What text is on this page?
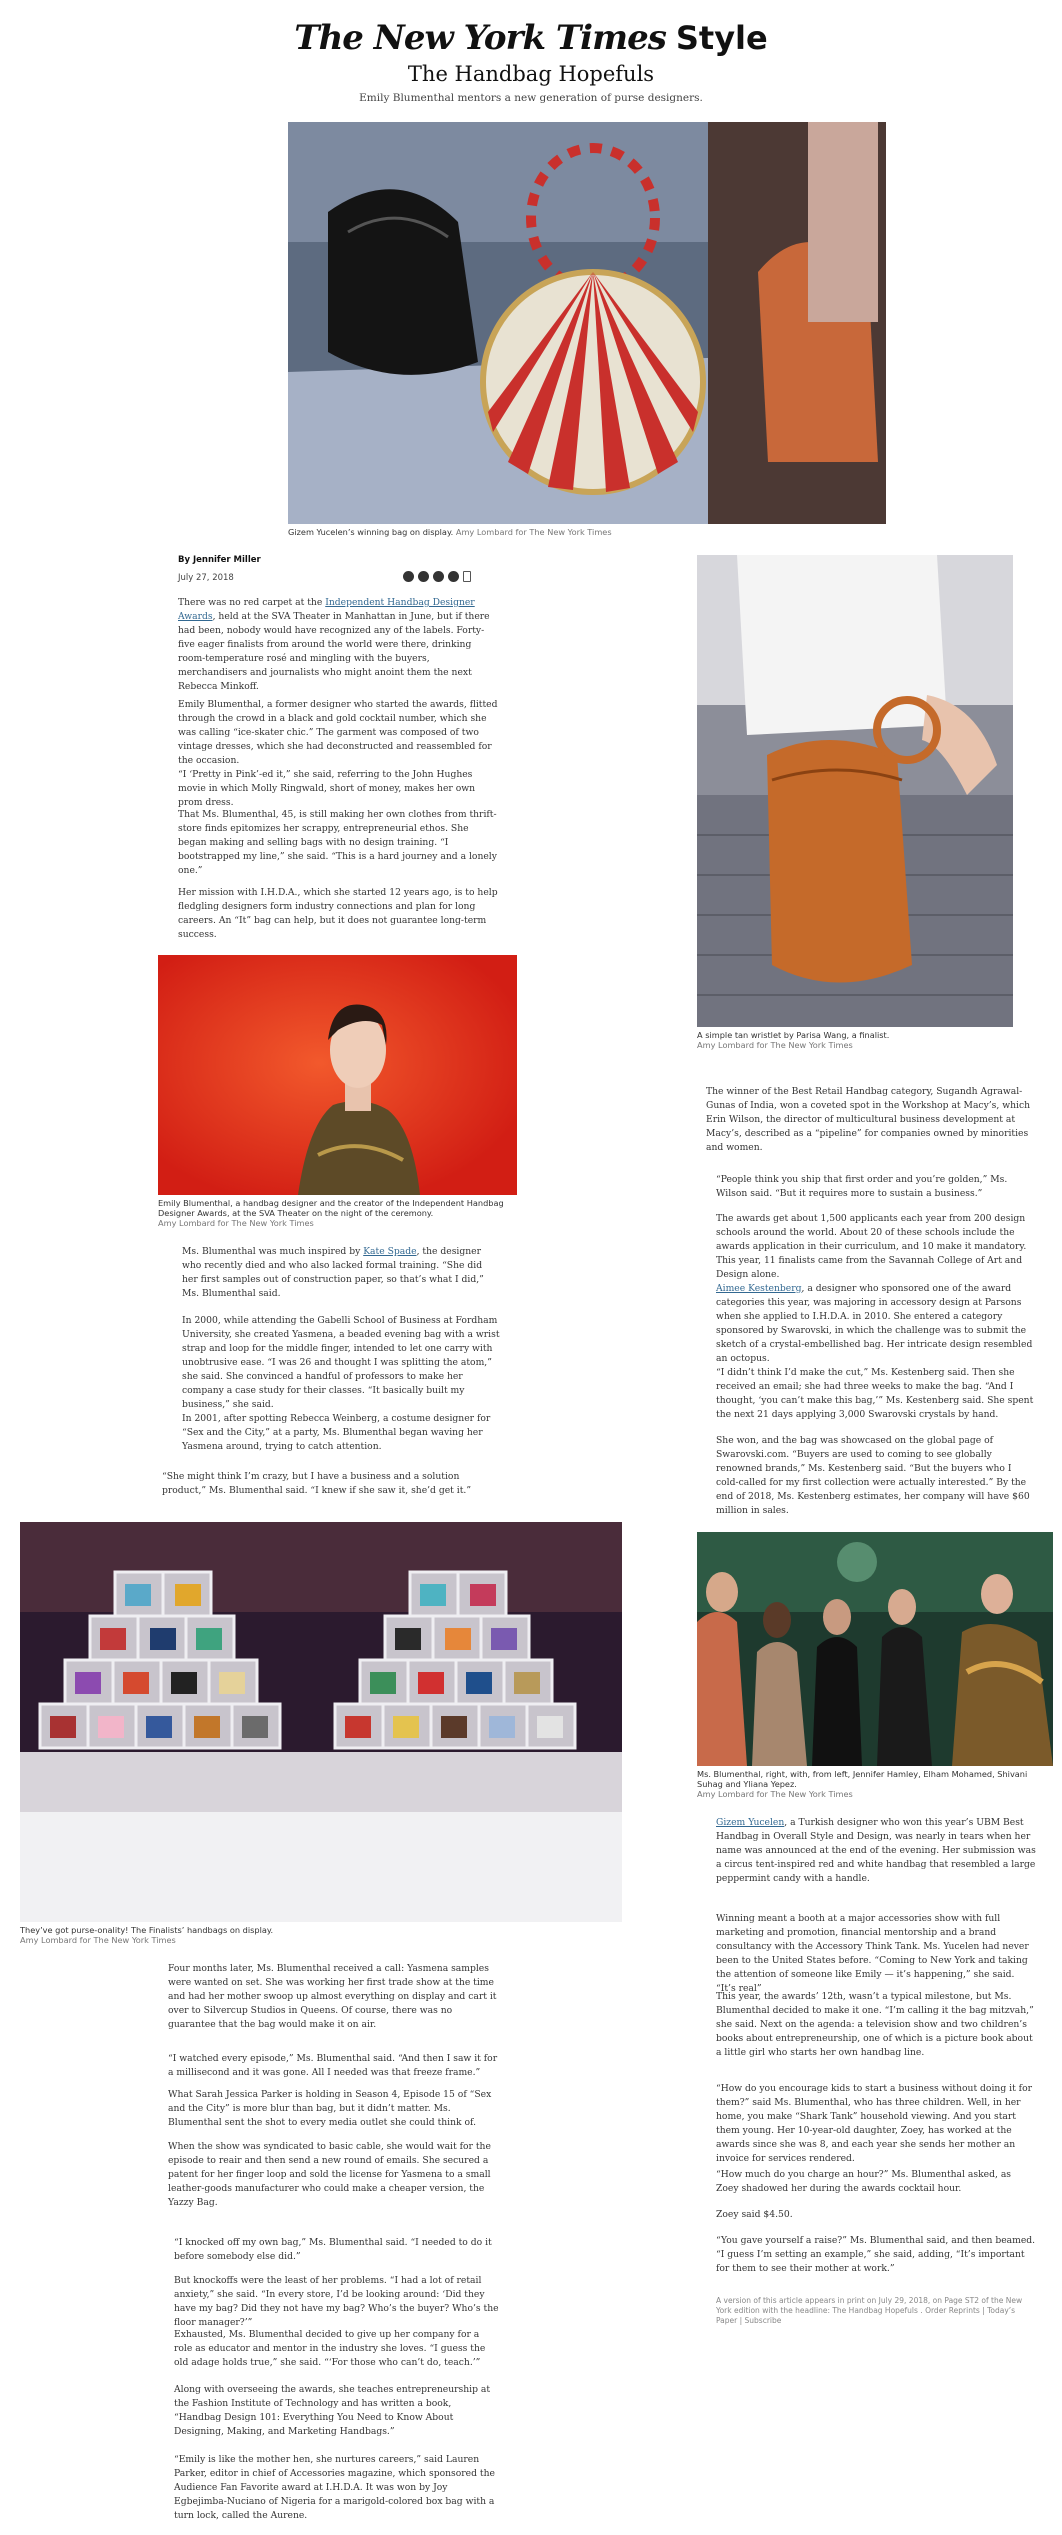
The New York Times Style
The Handbag Hopefuls
Emily Blumenthal mentors a new generation of purse designers.
Gizem Yucelen’s winning bag on display. Amy Lombard for The New York Times
By Jennifer Miller
July 27, 2018
There was no red carpet at the Independent Handbag Designer Awards, held at the SVA Theater in Manhattan in June, but if there had been, nobody would have recognized any of the labels. Forty-five eager finalists from around the world were there, drinking room-temperature rosé and mingling with the buyers, merchandisers and journalists who might anoint them the next Rebecca Minkoff.
Emily Blumenthal, a former designer who started the awards, flitted through the crowd in a black and gold cocktail number, which she was calling “ice-skater chic.” The garment was composed of two vintage dresses, which she had deconstructed and reassembled for the occasion.
“I ‘Pretty in Pink’-ed it,” she said, referring to the John Hughes movie in which Molly Ringwald, short of money, makes her own prom dress.
That Ms. Blumenthal, 45, is still making her own clothes from thrift-store finds epitomizes her scrappy, entrepreneurial ethos. She began making and selling bags with no design training. “I bootstrapped my line,” she said. “This is a hard journey and a lonely one.”
Her mission with I.H.D.A., which she started 12 years ago, is to help fledgling designers form industry connections and plan for long careers. An “It” bag can help, but it does not guarantee long-term success.
Emily Blumenthal, a handbag designer and the creator of the Independent Handbag Designer Awards, at the SVA Theater on the night of the ceremony.
Amy Lombard for The New York Times
Ms. Blumenthal was much inspired by Kate Spade, the designer who recently died and who also lacked formal training. “She did her first samples out of construction paper, so that’s what I did,” Ms. Blumenthal said.
In 2000, while attending the Gabelli School of Business at Fordham University, she created Yasmena, a beaded evening bag with a wrist strap and loop for the middle finger, intended to let one carry with unobtrusive ease. “I was 26 and thought I was splitting the atom,” she said. She convinced a handful of professors to make her company a case study for their classes. “It basically built my business,” she said.
In 2001, after spotting Rebecca Weinberg, a costume designer for “Sex and the City,” at a party, Ms. Blumenthal began waving her Yasmena around, trying to catch attention.
“She might think I’m crazy, but I have a business and a solution product,” Ms. Blumenthal said. “I knew if she saw it, she’d get it.”
They’ve got purse-onality! The Finalists’ handbags on display.
Amy Lombard for The New York Times
Four months later, Ms. Blumenthal received a call: Yasmena samples were wanted on set. She was working her first trade show at the time and had her mother swoop up almost everything on display and cart it over to Silvercup Studios in Queens. Of course, there was no guarantee that the bag would make it on air.
“I watched every episode,” Ms. Blumenthal said. “And then I saw it for a millisecond and it was gone. All I needed was that freeze frame.”
What Sarah Jessica Parker is holding in Season 4, Episode 15 of “Sex and the City” is more blur than bag, but it didn’t matter. Ms. Blumenthal sent the shot to every media outlet she could think of.
When the show was syndicated to basic cable, she would wait for the episode to reair and then send a new round of emails. She secured a patent for her finger loop and sold the license for Yasmena to a small leather-goods manufacturer who could make a cheaper version, the Yazzy Bag.
“I knocked off my own bag,” Ms. Blumenthal said. “I needed to do it before somebody else did.”
But knockoffs were the least of her problems. “I had a lot of retail anxiety,” she said. “In every store, I’d be looking around: ‘Did they have my bag? Did they not have my bag? Who’s the buyer? Who’s the floor manager?’”
Exhausted, Ms. Blumenthal decided to give up her company for a role as educator and mentor in the industry she loves. “I guess the old adage holds true,” she said. “‘For those who can’t do, teach.’”
Along with overseeing the awards, she teaches entrepreneurship at the Fashion Institute of Technology and has written a book, “Handbag Design 101: Everything You Need to Know About Designing, Making, and Marketing Handbags.”
“Emily is like the mother hen, she nurtures careers,” said Lauren Parker, editor in chief of Accessories magazine, which sponsored the Audience Fan Favorite award at I.H.D.A. It was won by Joy Egbejimba-Nuciano of Nigeria for a marigold-colored box bag with a turn lock, called the Aurene.
A simple tan wristlet by Parisa Wang, a finalist.
Amy Lombard for The New York Times
The winner of the Best Retail Handbag category, Sugandh Agrawal-Gunas of India, won a coveted spot in the Workshop at Macy’s, which Erin Wilson, the director of multicultural business development at Macy’s, described as a “pipeline” for companies owned by minorities and women.
“People think you ship that first order and you’re golden,” Ms. Wilson said. “But it requires more to sustain a business.”
The awards get about 1,500 applicants each year from 200 design schools around the world. About 20 of these schools include the awards application in their curriculum, and 10 make it mandatory. This year, 11 finalists came from the Savannah College of Art and Design alone.
Aimee Kestenberg, a designer who sponsored one of the award categories this year, was majoring in accessory design at Parsons when she applied to I.H.D.A. in 2010. She entered a category sponsored by Swarovski, in which the challenge was to submit the sketch of a crystal-embellished bag. Her intricate design resembled an octopus.
“I didn’t think I’d make the cut,” Ms. Kestenberg said. Then she received an email; she had three weeks to make the bag. “And I thought, ‘you can’t make this bag,’” Ms. Kestenberg said. She spent the next 21 days applying 3,000 Swarovski crystals by hand.
She won, and the bag was showcased on the global page of Swarovski.com. “Buyers are used to coming to see globally renowned brands,” Ms. Kestenberg said. “But the buyers who I cold-called for my first collection were actually interested.” By the end of 2018, Ms. Kestenberg estimates, her company will have $60 million in sales.
Ms. Blumenthal, right, with, from left, Jennifer Hamley, Elham Mohamed, Shivani Suhag and Yliana Yepez.
Amy Lombard for The New York Times
Gizem Yucelen, a Turkish designer who won this year’s UBM Best Handbag in Overall Style and Design, was nearly in tears when her name was announced at the end of the evening. Her submission was a circus tent-inspired red and white handbag that resembled a large peppermint candy with a handle.
Winning meant a booth at a major accessories show with full marketing and promotion, financial mentorship and a brand consultancy with the Accessory Think Tank. Ms. Yucelen had never been to the United States before. “Coming to New York and taking the attention of someone like Emily — it’s happening,” she said. “It’s real”
This year, the awards’ 12th, wasn’t a typical milestone, but Ms. Blumenthal decided to make it one. “I’m calling it the bag mitzvah,” she said. Next on the agenda: a television show and two children’s books about entrepreneurship, one of which is a picture book about a little girl who starts her own handbag line.
“How do you encourage kids to start a business without doing it for them?” said Ms. Blumenthal, who has three children. Well, in her home, you make “Shark Tank” household viewing. And you start them young. Her 10-year-old daughter, Zoey, has worked at the awards since she was 8, and each year she sends her mother an invoice for services rendered.
“How much do you charge an hour?” Ms. Blumenthal asked, as Zoey shadowed her during the awards cocktail hour.
Zoey said $4.50.
“You gave yourself a raise?” Ms. Blumenthal said, and then beamed. “I guess I’m setting an example,” she said, adding, “It’s important for them to see their mother at work.”
A version of this article appears in print on July 29, 2018, on Page ST2 of the New York edition with the headline: The Handbag Hopefuls . Order Reprints | Today’s Paper | Subscribe
